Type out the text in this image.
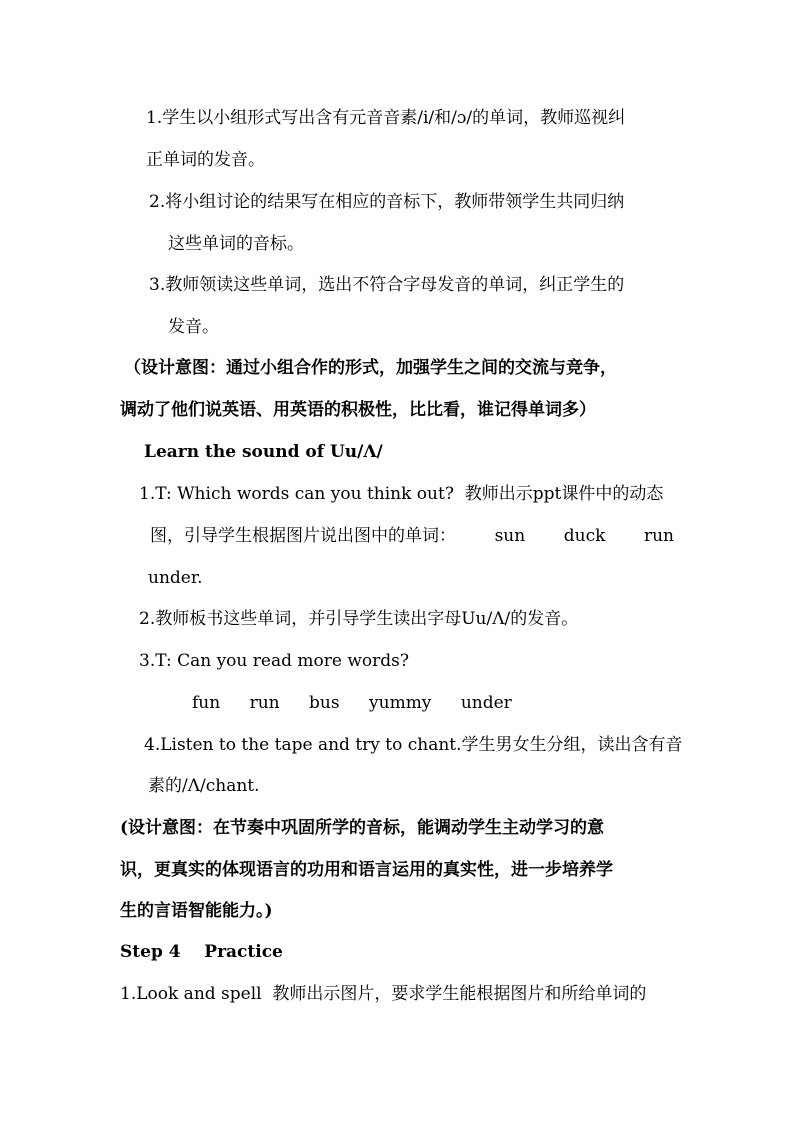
1.学生以小组形式写出含有元音音素/i/和/ɔ/的单词，教师巡视纠
正单词的发音。
2.将小组讨论的结果写在相应的音标下，教师带领学生共同归纳
这些单词的音标。
3.教师领读这些单词，选出不符合字母发音的单词，纠正学生的
发音。
（设计意图：通过小组合作的形式，加强学生之间的交流与竞争，
调动了他们说英语、用英语的积极性，比比看，谁记得单词多）
Learn the sound of Uu/Λ/
1.T: Which words can you think out? 教师出示ppt课件中的动态
图，引导学生根据图片说出图中的单词： sun duck run
under.
2.教师板书这些单词，并引导学生读出字母Uu/Λ/的发音。
3.T: Can you read more words?
fun run bus yummy under
4.Listen to the tape and try to chant.学生男女生分组，读出含有音
素的/Λ/chant.
(设计意图：在节奏中巩固所学的音标，能调动学生主动学习的意
识，更真实的体现语言的功用和语言运用的真实性，进一步培养学
生的言语智能能力。)
Step 4 Practice
1.Look and spell 教师出示图片，要求学生能根据图片和所给单词的
